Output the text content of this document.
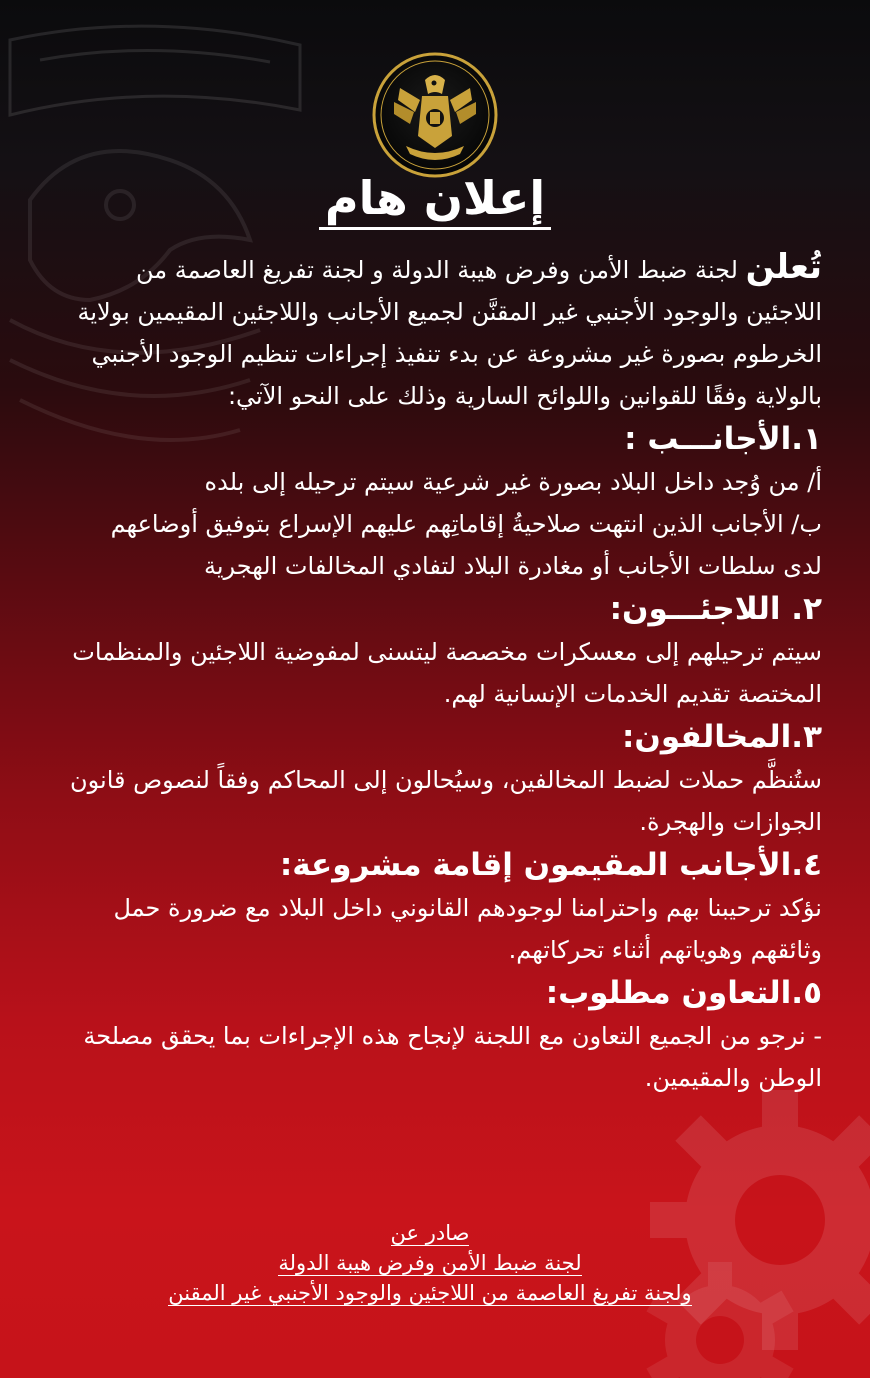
إعلان هام

تُعلن لجنة ضبط الأمن وفرض هيبة الدولة و لجنة تفريغ العاصمة من اللاجئين والوجود الأجنبي غير المقنَّن لجميع الأجانب واللاجئين المقيمين بولاية الخرطوم بصورة غير مشروعة عن بدء تنفيذ إجراءات تنظيم الوجود الأجنبي بالولاية وفقًا للقوانين واللوائح السارية وذلك على النحو الآتي:

١.الأجانـــب :

أ/ من وُجد داخل البلاد بصورة غير شرعية سيتم ترحيله إلى بلده

ب/ الأجانب الذين انتهت صلاحيةُ إقاماتِهم عليهم الإسراع بتوفيق أوضاعهم لدى سلطات الأجانب أو مغادرة البلاد لتفادي المخالفات الهجرية

٢. اللاجئـــون:

سيتم ترحيلهم إلى معسكرات مخصصة ليتسنى لمفوضية اللاجئين والمنظمات المختصة تقديم الخدمات الإنسانية لهم.

٣.المخالفون:

ستُنظَّم حملات لضبط المخالفين، وسيُحالون إلى المحاكم وفقاً لنصوص قانون الجوازات والهجرة.

٤.الأجانب المقيمون إقامة مشروعة:

نؤكد ترحيبنا بهم واحترامنا لوجودهم القانوني داخل البلاد مع ضرورة حمل وثائقهم وهوياتهم أثناء تحركاتهم.

٥.التعاون مطلوب:

- نرجو من الجميع التعاون مع اللجنة لإنجاح هذه الإجراءات بما يحقق مصلحة الوطن والمقيمين.

صادر عن
لجنة ضبط الأمن وفرض هيبة الدولة
ولجنة تفريغ العاصمة من اللاجئين والوجود الأجنبي غير المقنن
